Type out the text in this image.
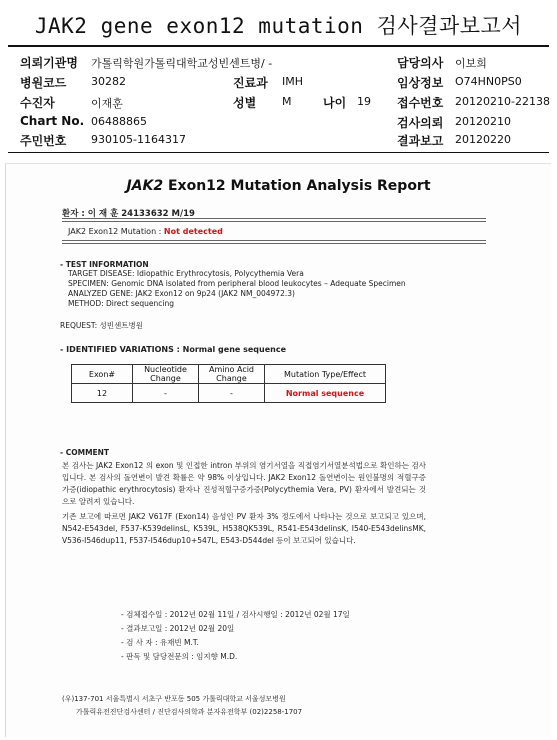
JAK2 gene exon12 mutation 검사결과보고서
의뢰기관명 가톨릭학원가톨릭대학교성빈센트병/ -	담당의사 이보희
병원코드 30282	진료과 IMH	임상정보 O74HN0PS0
수진자	이재훈	성별 M	나이 19 접수번호 20120210-22138
Chart No. 06488865	검사의뢰 20120210
주민번호 930105-1164317	결과보고 20120220
JAK2 Exon12 Mutation Analysis Report
환자 : 이 재 훈 24133632 M/19
JAK2 Exon12 Mutation : Not detected
- TEST INFORMATION
TARGET DISEASE: Idiopathic Erythrocytosis, Polycythemia Vera
SPECIMEN: Genomic DNA isolated from peripheral blood leukocytes – Adequate Specimen
ANALYZED GENE: JAK2 Exon12 on 9p24 (JAK2 NM_004972.3)
METHOD: Direct sequencing
REQUEST: 성빈센트병원
- IDENTIFIED VARIATIONS : Normal gene sequence
Exon#	Nucleotide Change	Amino Acid Change	Mutation Type/Effect
12	-	-	Normal sequence
- COMMENT

본 검사는 JAK2 Exon12 의 exon 및 인접한 intron 부위의 염기서열을 직접염기서열분석법으로 확인하는 검사입니다. 본 검사의 돌연변이 발견 확률은 약 98% 이상입니다. JAK2 Exon12 돌연변이는 원인불명의 적혈구증가증(idiopathic erythrocytosis) 환자나 진성적혈구증가증(Polycythemia Vera, PV) 환자에서 발견되는 것으로 알려져 있습니다.

기존 보고에 따르면 JAK2 V617F (Exon14) 음성인 PV 환자 3% 정도에서 나타나는 것으로 보고되고 있으며, N542-E543del, F537-K539delinsL, K539L, H538QK539L, R541-E543delinsK, I540-E543delinsMK, V536-I546dup11, F537-I546dup10+547L, E543-D544del 등이 보고되어 있습니다.

- 검체접수일 : 2012년 02월 11일 / 검사시행일 : 2012년 02월 17일
- 결과보고일 : 2012년 02월 20일
- 검 사 자 : 유재빈 M.T.
- 판독 및 담당전문의 : 임지향 M.D.
(우)137-701 서울특별시 서초구 반포동 505 가톨릭대학교 서울성모병원
가톨릭유전진단검사센터 / 진단검사의학과 분자유전학부 (02)2258-1707
